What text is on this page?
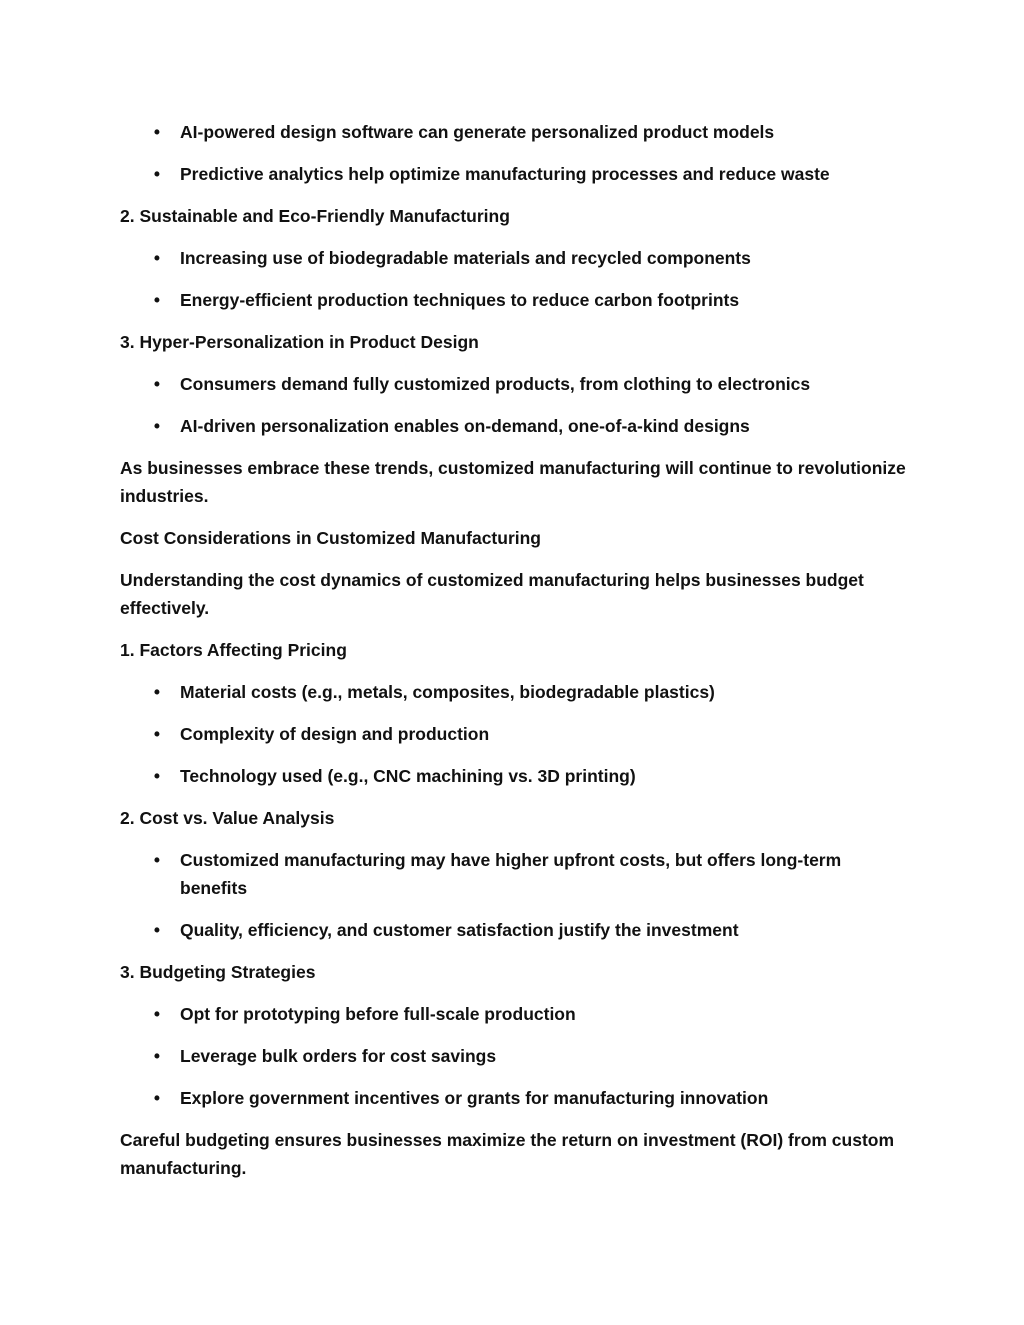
• AI-powered design software can generate personalized product models
• Predictive analytics help optimize manufacturing processes and reduce waste

2. Sustainable and Eco-Friendly Manufacturing

• Increasing use of biodegradable materials and recycled components
• Energy-efficient production techniques to reduce carbon footprints

3. Hyper-Personalization in Product Design

• Consumers demand fully customized products, from clothing to electronics
• AI-driven personalization enables on-demand, one-of-a-kind designs

As businesses embrace these trends, customized manufacturing will continue to revolutionize industries.

Cost Considerations in Customized Manufacturing

Understanding the cost dynamics of customized manufacturing helps businesses budget effectively.

1. Factors Affecting Pricing

• Material costs (e.g., metals, composites, biodegradable plastics)
• Complexity of design and production
• Technology used (e.g., CNC machining vs. 3D printing)

2. Cost vs. Value Analysis

• Customized manufacturing may have higher upfront costs, but offers long-term benefits
• Quality, efficiency, and customer satisfaction justify the investment

3. Budgeting Strategies

• Opt for prototyping before full-scale production
• Leverage bulk orders for cost savings
• Explore government incentives or grants for manufacturing innovation

Careful budgeting ensures businesses maximize the return on investment (ROI) from custom manufacturing.
